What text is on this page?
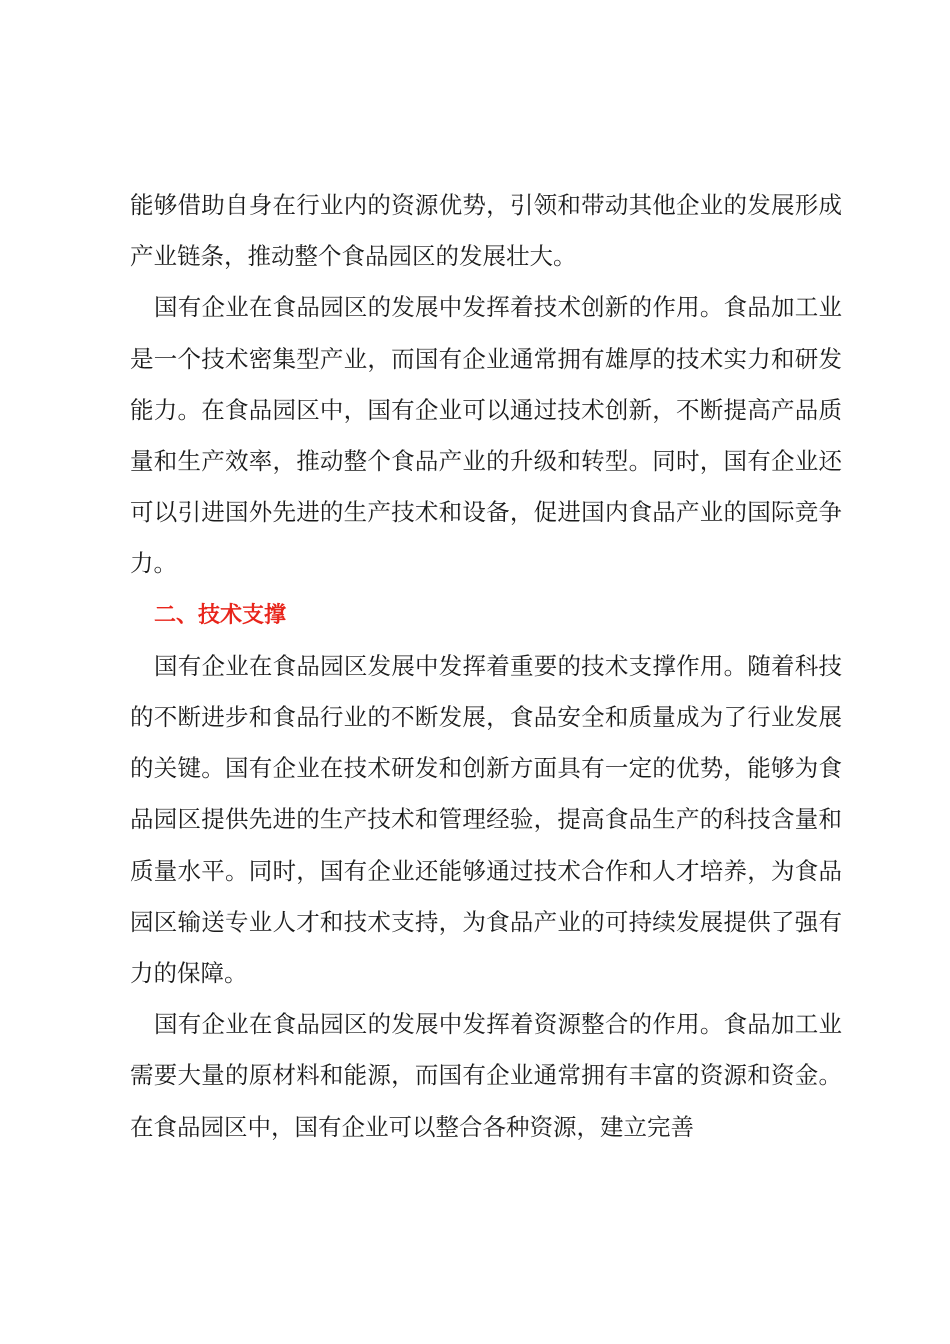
能够借助自身在行业内的资源优势，引领和带动其他企业的发展形成产业链条，推动整个食品园区的发展壮大。

国有企业在食品园区的发展中发挥着技术创新的作用。食品加工业是一个技术密集型产业，而国有企业通常拥有雄厚的技术实力和研发能力。在食品园区中，国有企业可以通过技术创新，不断提高产品质量和生产效率，推动整个食品产业的升级和转型。同时，国有企业还可以引进国外先进的生产技术和设备，促进国内食品产业的国际竞争力。

二、技术支撑

国有企业在食品园区发展中发挥着重要的技术支撑作用。随着科技的不断进步和食品行业的不断发展，食品安全和质量成为了行业发展的关键。国有企业在技术研发和创新方面具有一定的优势，能够为食品园区提供先进的生产技术和管理经验，提高食品生产的科技含量和质量水平。同时，国有企业还能够通过技术合作和人才培养，为食品园区输送专业人才和技术支持，为食品产业的可持续发展提供了强有力的保障。

国有企业在食品园区的发展中发挥着资源整合的作用。食品加工业需要大量的原材料和能源，而国有企业通常拥有丰富的资源和资金。在食品园区中，国有企业可以整合各种资源，建立完善
